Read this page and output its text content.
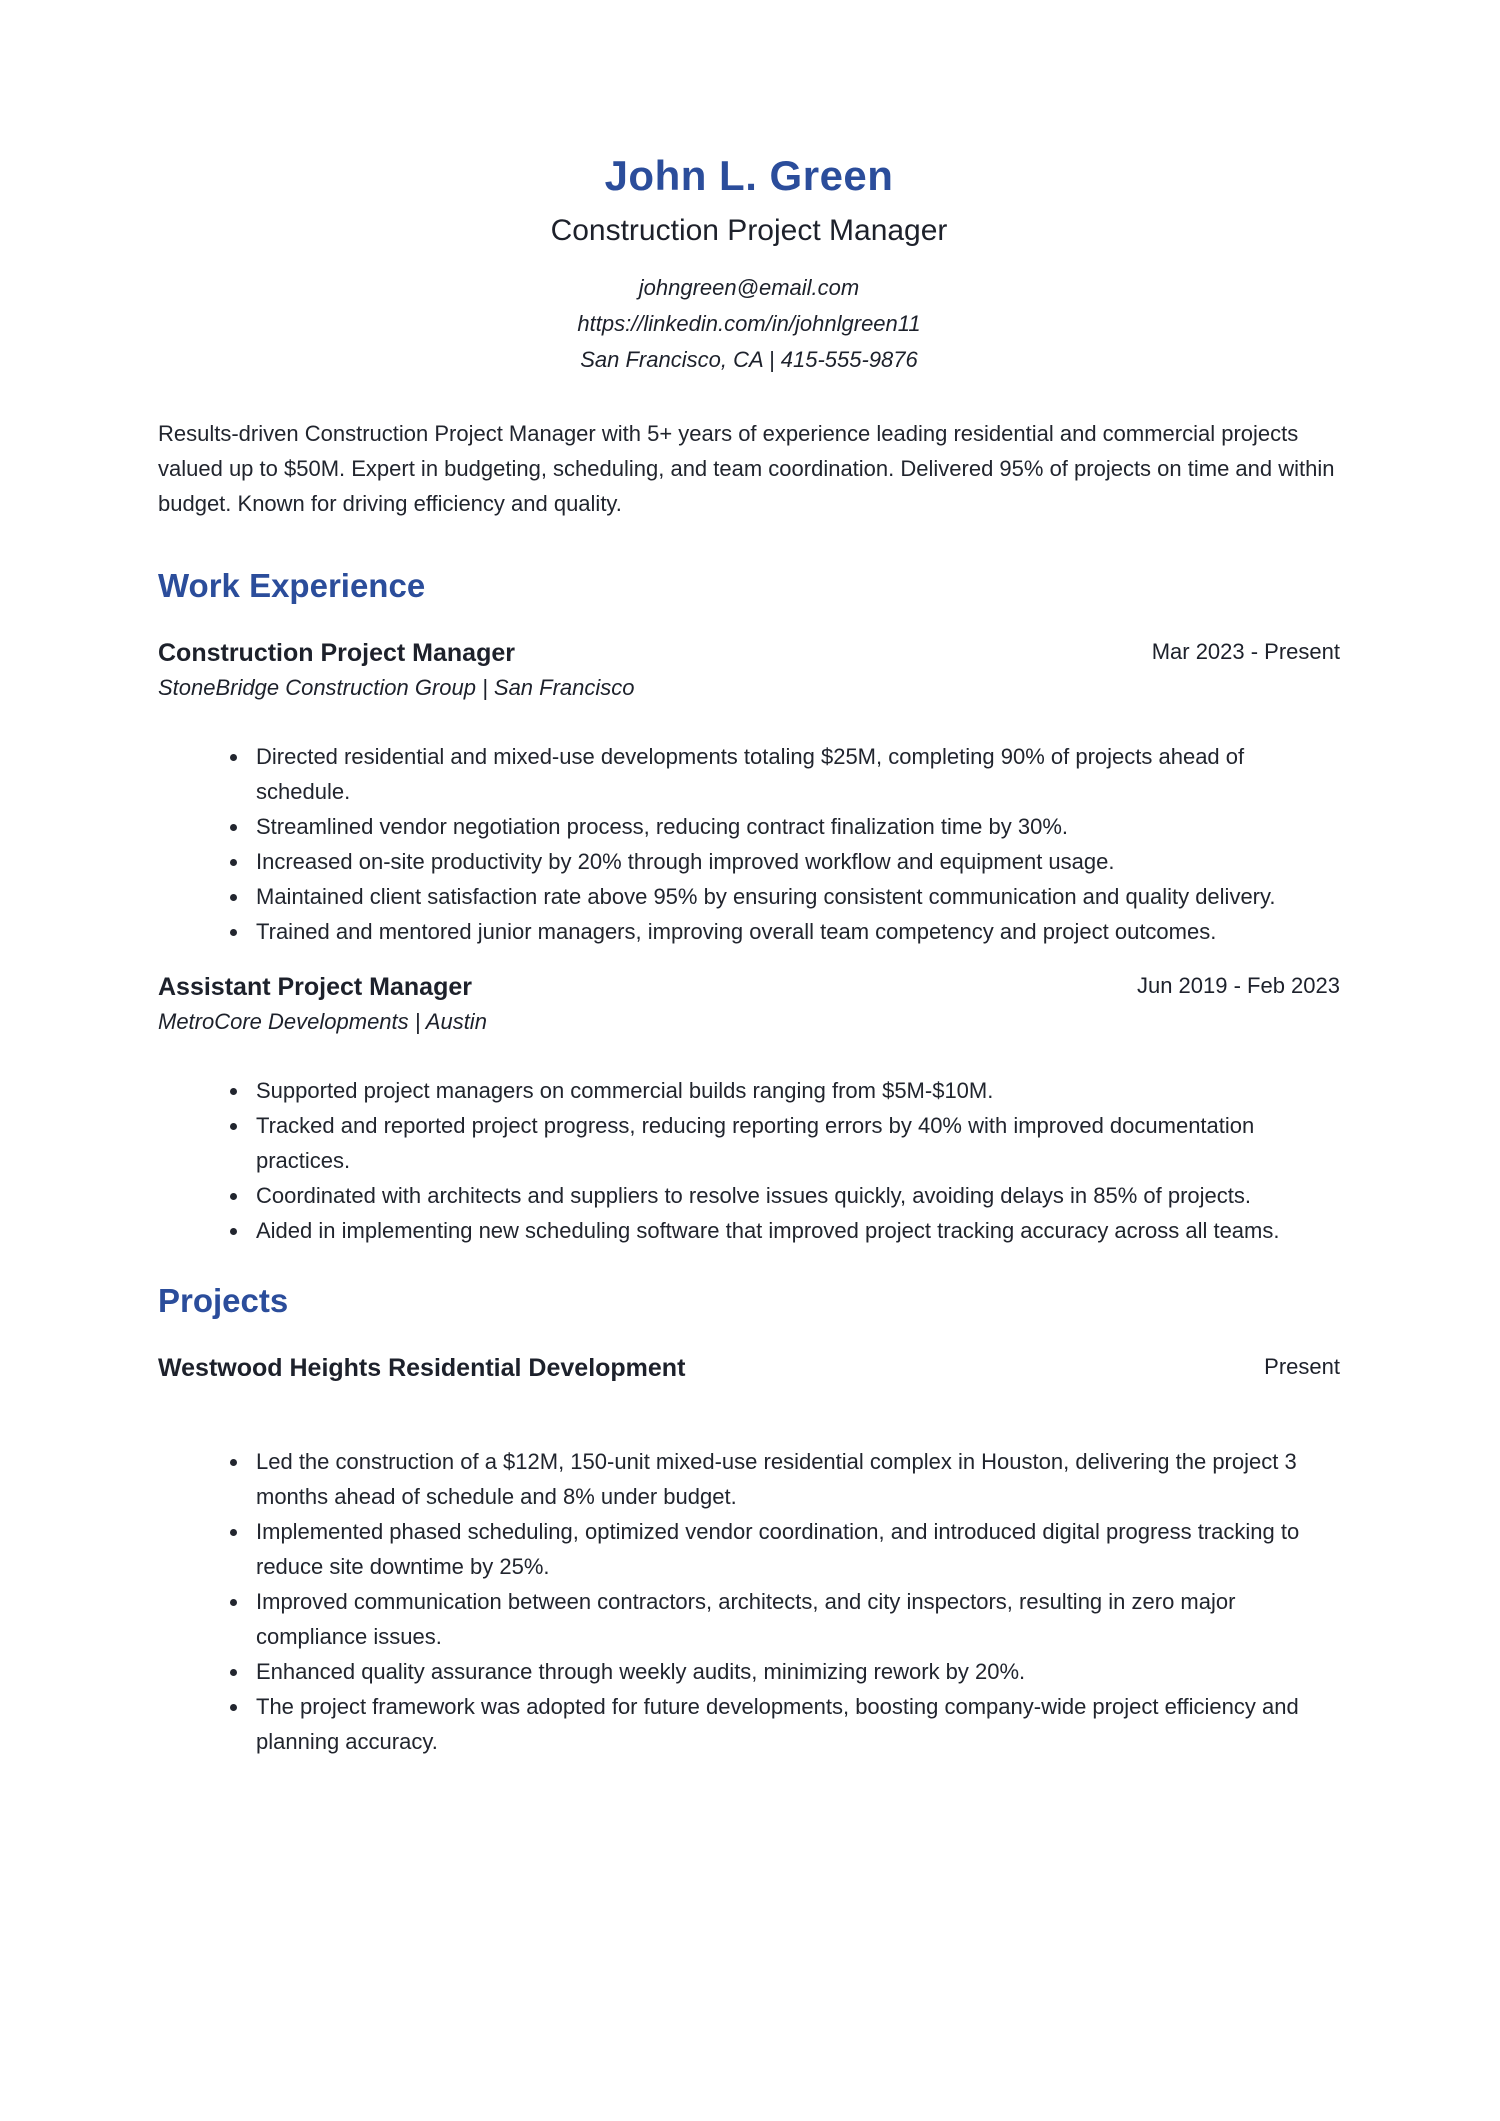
John L. Green
Construction Project Manager
johngreen@email.com
https://linkedin.com/in/johnlgreen11
San Francisco, CA | 415-555-9876

Results-driven Construction Project Manager with 5+ years of experience leading residential and commercial projects valued up to $50M. Expert in budgeting, scheduling, and team coordination. Delivered 95% of projects on time and within budget. Known for driving efficiency and quality.

Work Experience
Construction Project Manager	Mar 2023 - Present
StoneBridge Construction Group | San Francisco
• Directed residential and mixed-use developments totaling $25M, completing 90% of projects ahead of schedule.
• Streamlined vendor negotiation process, reducing contract finalization time by 30%.
• Increased on-site productivity by 20% through improved workflow and equipment usage.
• Maintained client satisfaction rate above 95% by ensuring consistent communication and quality delivery.
• Trained and mentored junior managers, improving overall team competency and project outcomes.
Assistant Project Manager	Jun 2019 - Feb 2023
MetroCore Developments | Austin
• Supported project managers on commercial builds ranging from $5M-$10M.
• Tracked and reported project progress, reducing reporting errors by 40% with improved documentation practices.
• Coordinated with architects and suppliers to resolve issues quickly, avoiding delays in 85% of projects.
• Aided in implementing new scheduling software that improved project tracking accuracy across all teams.
Projects
Westwood Heights Residential Development	Present
• Led the construction of a $12M, 150-unit mixed-use residential complex in Houston, delivering the project 3 months ahead of schedule and 8% under budget.
• Implemented phased scheduling, optimized vendor coordination, and introduced digital progress tracking to reduce site downtime by 25%.
• Improved communication between contractors, architects, and city inspectors, resulting in zero major compliance issues.
• Enhanced quality assurance through weekly audits, minimizing rework by 20%.
• The project framework was adopted for future developments, boosting company-wide project efficiency and planning accuracy.
